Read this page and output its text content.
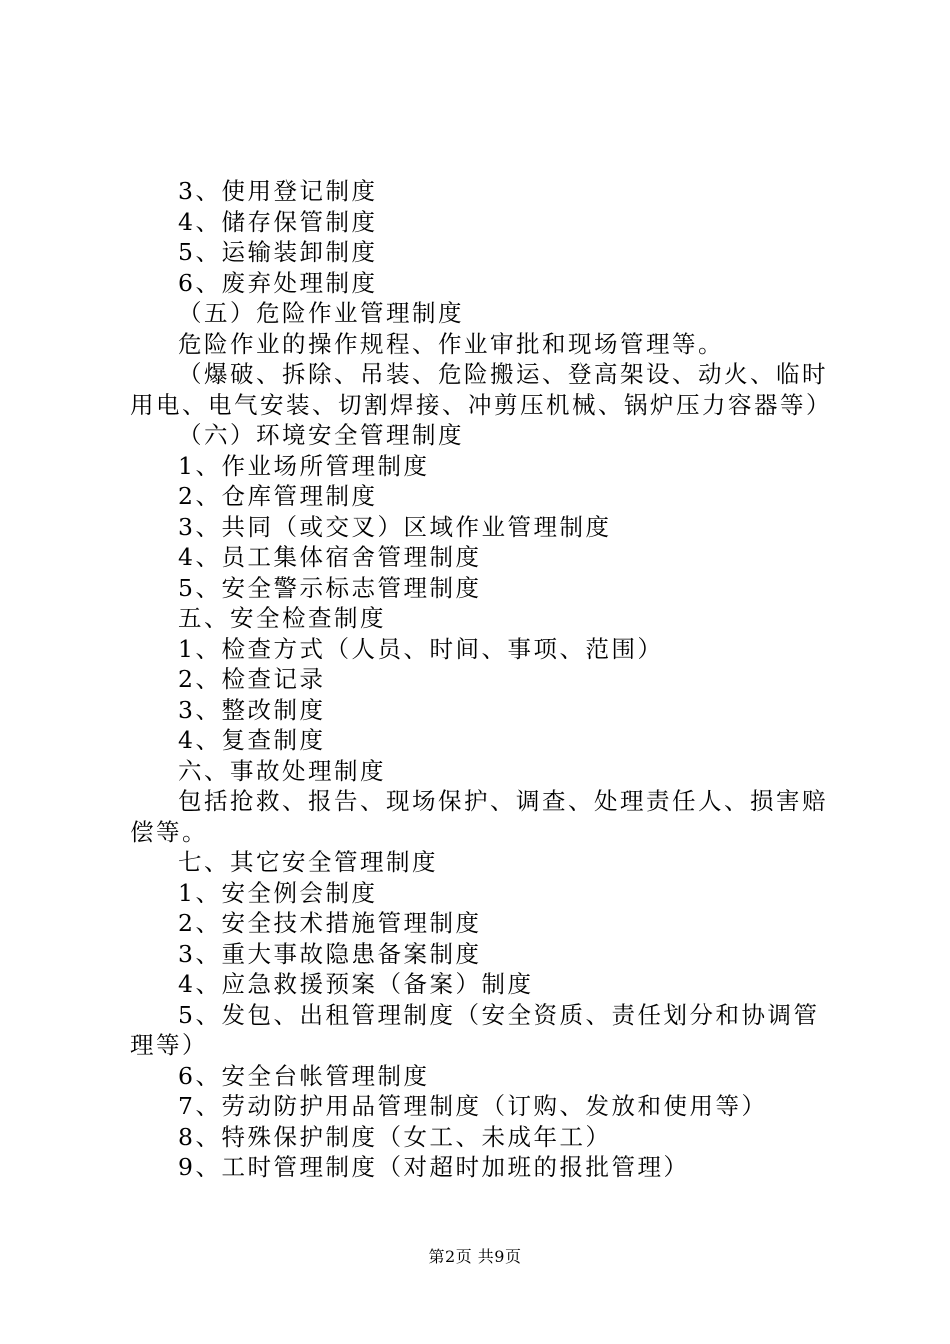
3、使用登记制度
4、储存保管制度
5、运输装卸制度
6、废弃处理制度
（五）危险作业管理制度
危险作业的操作规程、作业审批和现场管理等。
（爆破、拆除、吊装、危险搬运、登高架设、动火、临时用电、电气安装、切割焊接、冲剪压机械、锅炉压力容器等）
（六）环境安全管理制度
1、作业场所管理制度
2、仓库管理制度
3、共同（或交叉）区域作业管理制度
4、员工集体宿舍管理制度
5、安全警示标志管理制度
五、安全检查制度
1、检查方式（人员、时间、事项、范围）
2、检查记录
3、整改制度
4、复查制度
六、事故处理制度
包括抢救、报告、现场保护、调查、处理责任人、损害赔偿等。
七、其它安全管理制度
1、安全例会制度
2、安全技术措施管理制度
3、重大事故隐患备案制度
4、应急救援预案（备案）制度
5、发包、出租管理制度（安全资质、责任划分和协调管理等）
6、安全台帐管理制度
7、劳动防护用品管理制度（订购、发放和使用等）
8、特殊保护制度（女工、未成年工）
9、工时管理制度（对超时加班的报批管理）
第2页 共9页
